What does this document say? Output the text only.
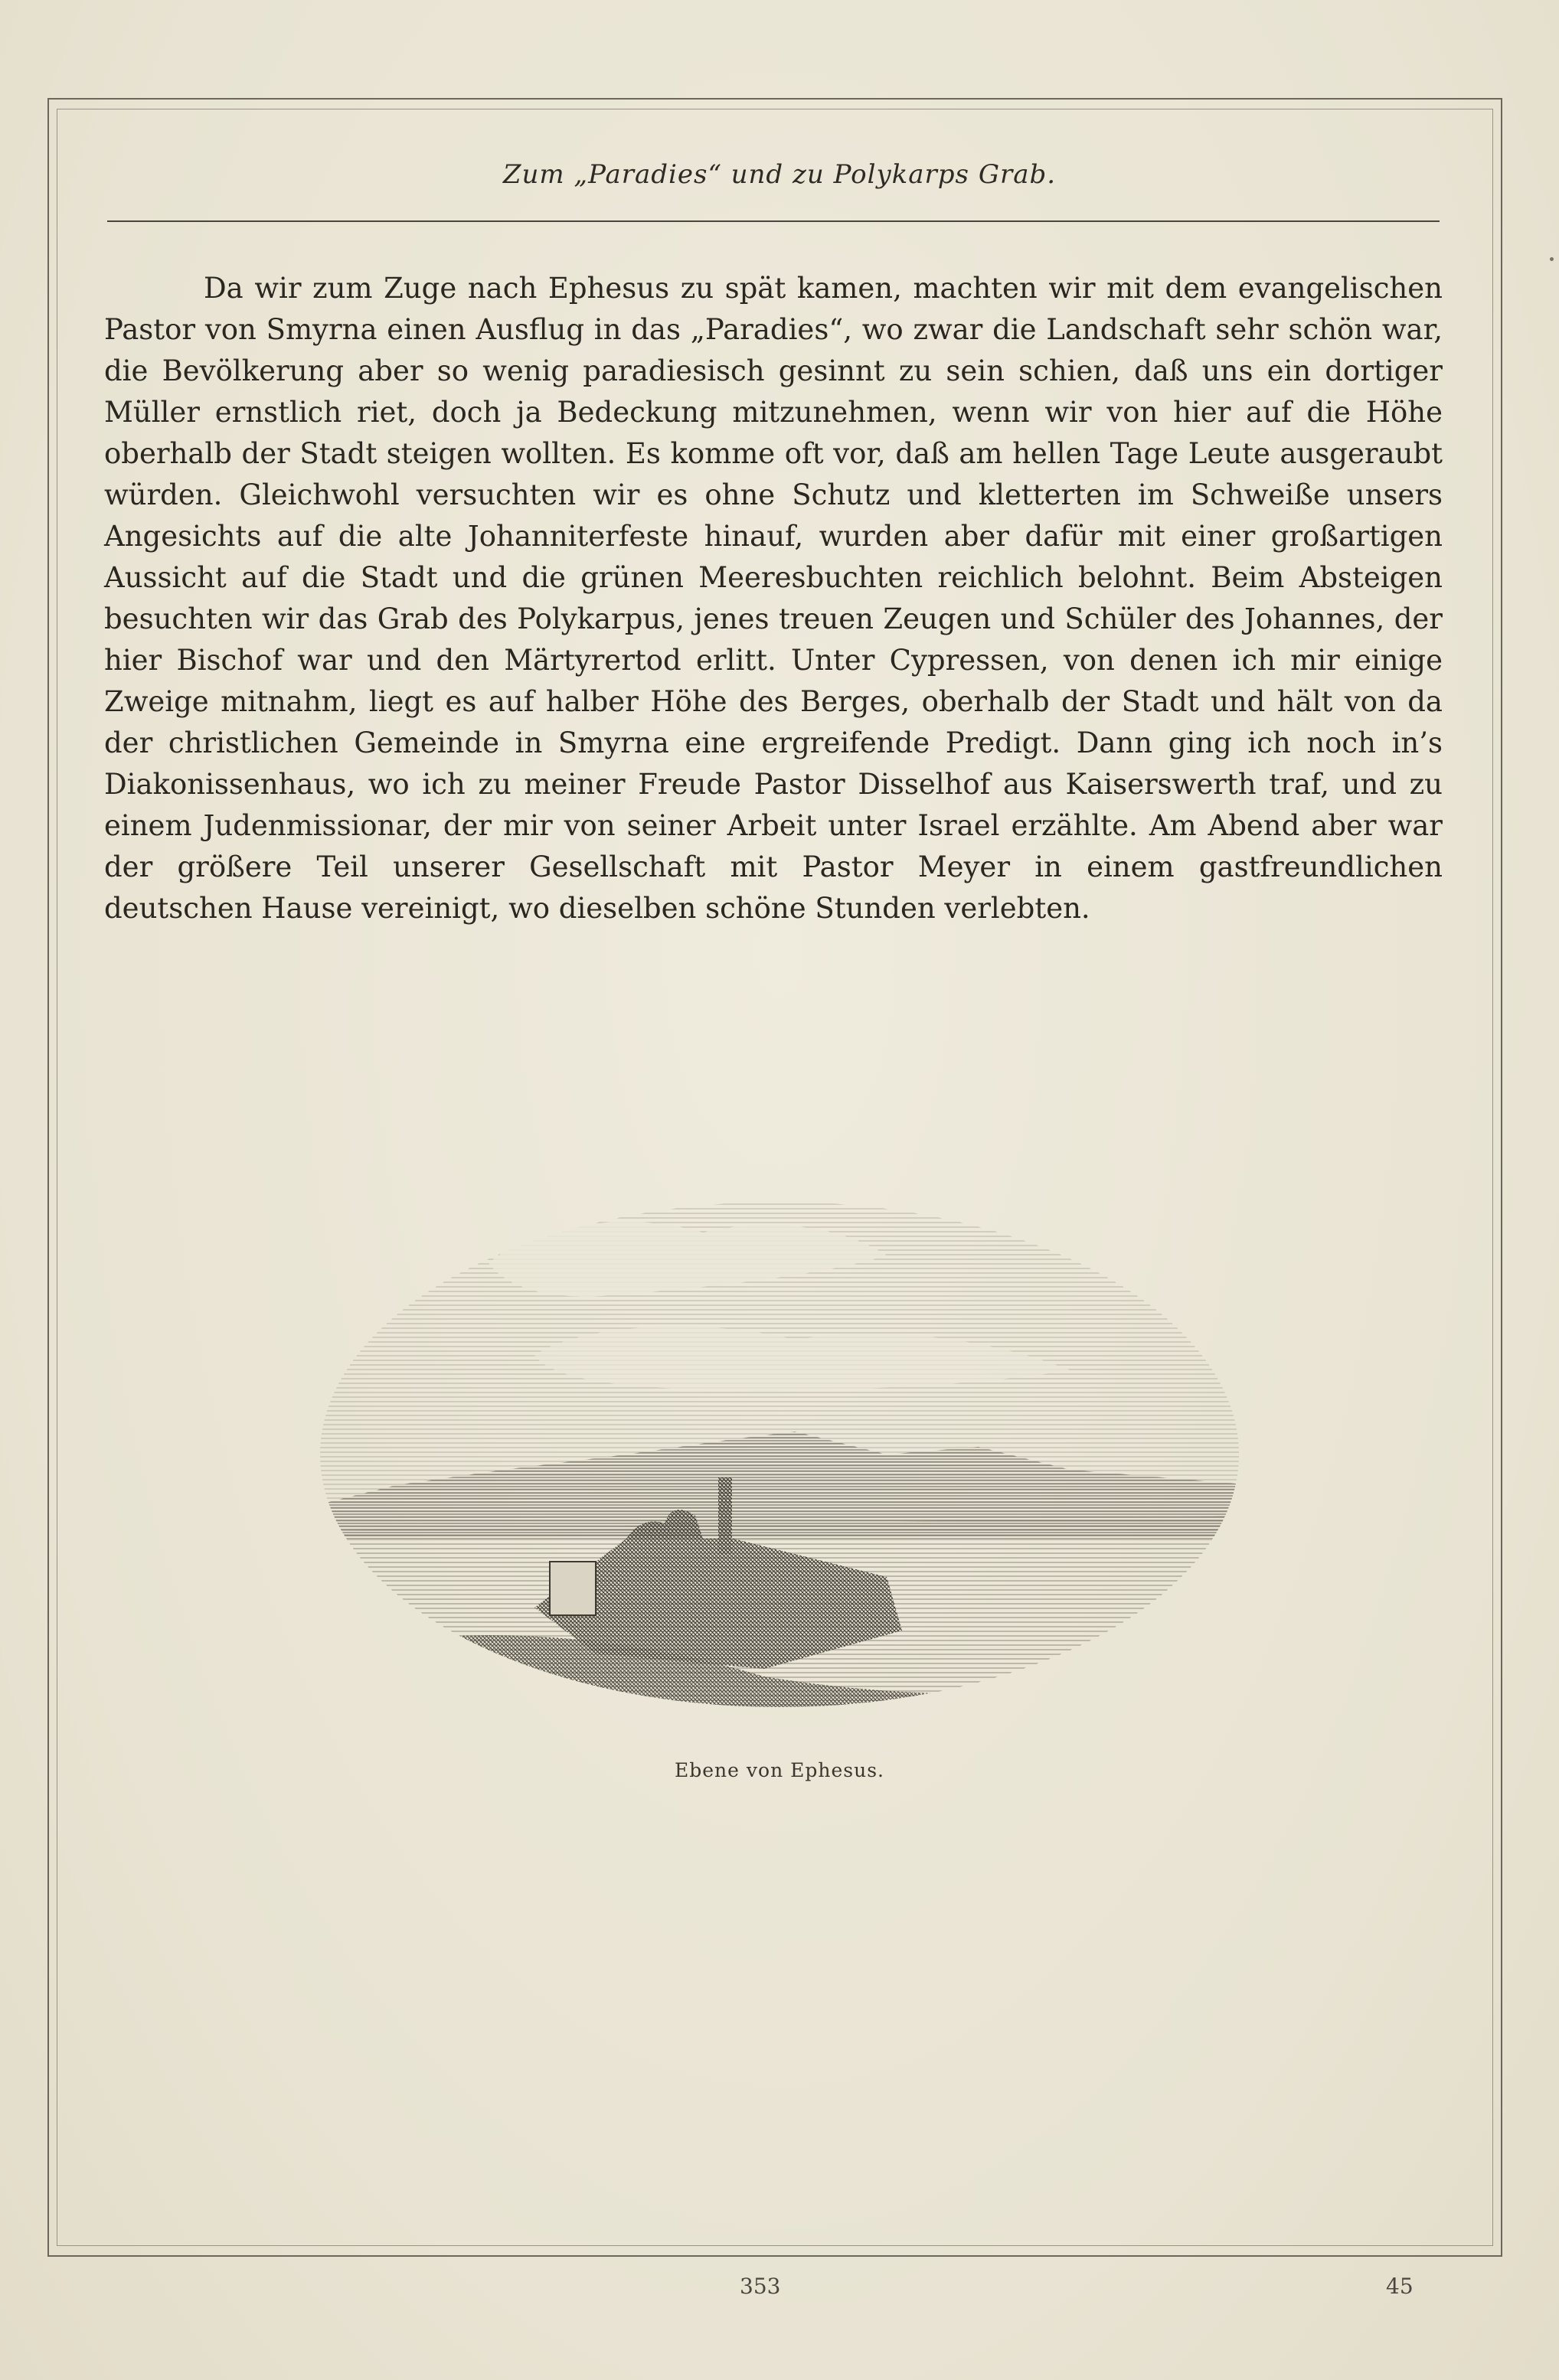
Zum „Paradies“ und zu Polykarps Grab.
Da wir zum Zuge nach Ephesus zu spät kamen, machten wir mit dem evangelischen Pastor von Smyrna einen Ausflug in das „Paradies“, wo zwar die Landschaft sehr schön war, die Bevölkerung aber so wenig paradiesisch gesinnt zu sein schien, daß uns ein dortiger Müller ernstlich riet, doch ja Bedeckung mitzunehmen, wenn wir von hier auf die Höhe oberhalb der Stadt steigen wollten. Es komme oft vor, daß am hellen Tage Leute ausgeraubt würden. Gleichwohl versuchten wir es ohne Schutz und kletterten im Schweiße unsers Angesichts auf die alte Johanniterfeste hinauf, wurden aber dafür mit einer großartigen Aussicht auf die Stadt und die grünen Meeresbuchten reichlich belohnt. Beim Absteigen besuchten wir das Grab des Polykarpus, jenes treuen Zeugen und Schüler des Johannes, der hier Bischof war und den Märtyrertod erlitt. Unter Cypressen, von denen ich mir einige Zweige mitnahm, liegt es auf halber Höhe des Berges, oberhalb der Stadt und hält von da der christlichen Gemeinde in Smyrna eine ergreifende Predigt. Dann ging ich noch in’s Diakonissenhaus, wo ich zu meiner Freude Pastor Disselhof aus Kaiserswerth traf, und zu einem Judenmissionar, der mir von seiner Arbeit unter Israel erzählte. Am Abend aber war der größere Teil unserer Gesellschaft mit Pastor Meyer in einem gastfreundlichen deutschen Hause vereinigt, wo dieselben schöne Stunden verlebten.
Ebene von Ephesus.
353	45
